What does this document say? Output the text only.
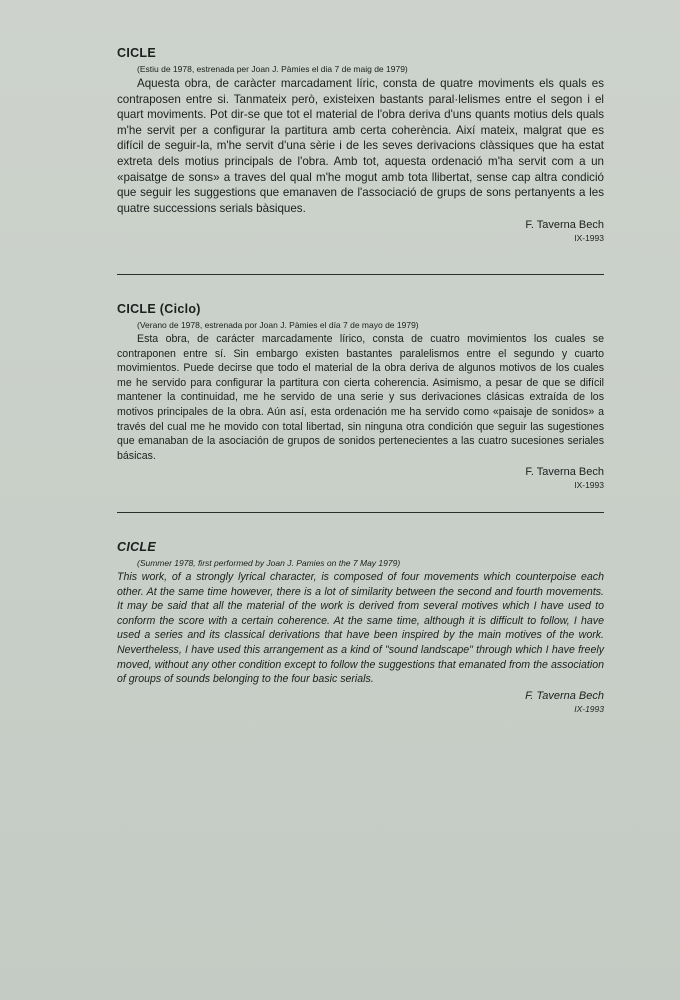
CICLE

(Estiu de 1978, estrenada per Joan J. Pàmies el dia 7 de maig de 1979)

Aquesta obra, de caràcter marcadament líric, consta de quatre moviments els quals es contraposen entre si. Tanmateix però, existeixen bastants paral·lelismes entre el segon i el quart moviments. Pot dir-se que tot el material de l'obra deriva d'uns quants motius dels quals m'he servit per a configurar la partitura amb certa coherència. Així mateix, malgrat que es difícil de seguir-la, m'he servit d'una sèrie i de les seves derivacions clàssiques que ha estat extreta dels motius principals de l'obra. Amb tot, aquesta ordenació m'ha servit com a un «paisatge de sons» a traves del qual m'he mogut amb tota llibertat, sense cap altra condició que seguir les suggestions que emanaven de l'associació de grups de sons pertanyents a les quatre successions serials bàsiques.

F. Taverna Bech
IX-1993

CICLE (Ciclo)

(Verano de 1978, estrenada por Joan J. Pàmies el día 7 de mayo de 1979)

Esta obra, de carácter marcadamente lírico, consta de cuatro movimientos los cuales se contraponen entre sí. Sin embargo existen bastantes paralelismos entre el segundo y cuarto movimientos. Puede decirse que todo el material de la obra deriva de algunos motivos de los cuales me he servido para configurar la partitura con cierta coherencia. Asimismo, a pesar de que se difícil mantener la continuidad, me he servido de una serie y sus derivaciones clásicas extraída de los motivos principales de la obra. Aún así, esta ordenación me ha servido como «paisaje de sonidos» a través del cual me he movido con total libertad, sin ninguna otra condición que seguir las sugestiones que emanaban de la asociación de grupos de sonidos pertenecientes a las cuatro sucesiones seriales básicas.

F. Taverna Bech
IX-1993

CICLE

(Summer 1978, first performed by Joan J. Pamies on the 7 May 1979)

This work, of a strongly lyrical character, is composed of four movements which counterpoise each other. At the same time however, there is a lot of similarity between the second and fourth movements. It may be said that all the material of the work is derived from several motives which I have used to conform the score with a certain coherence. At the same time, although it is difficult to follow, I have used a series and its classical derivations that have been inspired by the main motives of the work. Nevertheless, I have used this arrangement as a kind of "sound landscape" through which I have freely moved, without any other condition except to follow the suggestions that emanated from the association of groups of sounds belonging to the four basic serials.

F. Taverna Bech
IX-1993
